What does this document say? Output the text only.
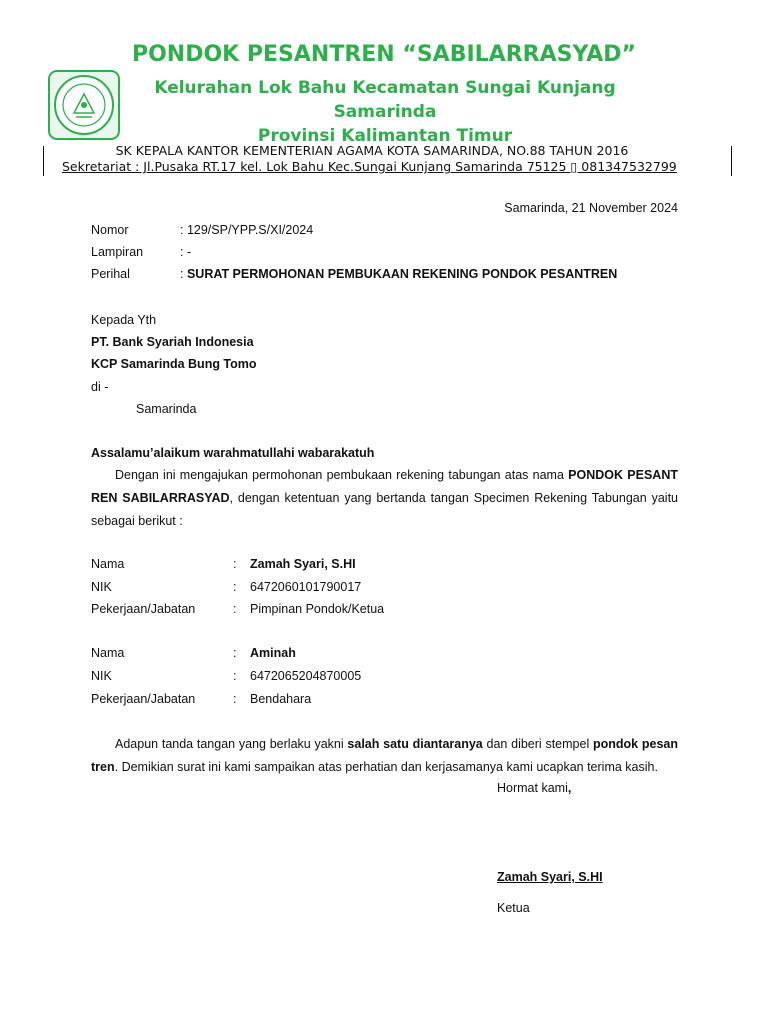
PONDOK PESANTREN “SABILARRASYAD”
Kelurahan Lok Bahu Kecamatan Sungai Kunjang
Samarinda
Provinsi Kalimantan Timur
SK KEPALA KANTOR KEMENTERIAN AGAMA KOTA SAMARINDA, NO.88 TAHUN 2016
Sekretariat : Jl.Pusaka RT.17 kel. Lok Bahu Kec.Sungai Kunjang Samarinda 75125 ▯ 081347532799
Samarinda, 21 November 2024
Nomor	: 129/SP/YPP.S/XI/2024
Lampiran	: -
Perihal	: SURAT PERMOHONAN PEMBUKAAN REKENING PONDOK PESANTREN
Kepada Yth
PT. Bank Syariah Indonesia
KCP Samarinda Bung Tomo
di -
Samarinda
Assalamu’alaikum warahmatullahi wabarakatuh
Dengan ini mengajukan permohonan pembukaan rekening tabungan atas nama PONDOK PESANT REN SABILARRASYAD, dengan ketentuan yang bertanda tangan Specimen Rekening Tabungan yaitu sebagai berikut :
Nama	: Zamah Syari, S.HI
NIK	: 6472060101790017
Pekerjaan/Jabatan	: Pimpinan Pondok/Ketua
Nama	: Aminah
NIK	: 6472065204870005
Pekerjaan/Jabatan	: Bendahara
Adapun tanda tangan yang berlaku yakni salah satu diantaranya dan diberi stempel pondok pesan tren. Demikian surat ini kami sampaikan atas perhatian dan kerjasamanya kami ucapkan terima kasih.
Hormat kami,
Zamah Syari, S.HI
Ketua
